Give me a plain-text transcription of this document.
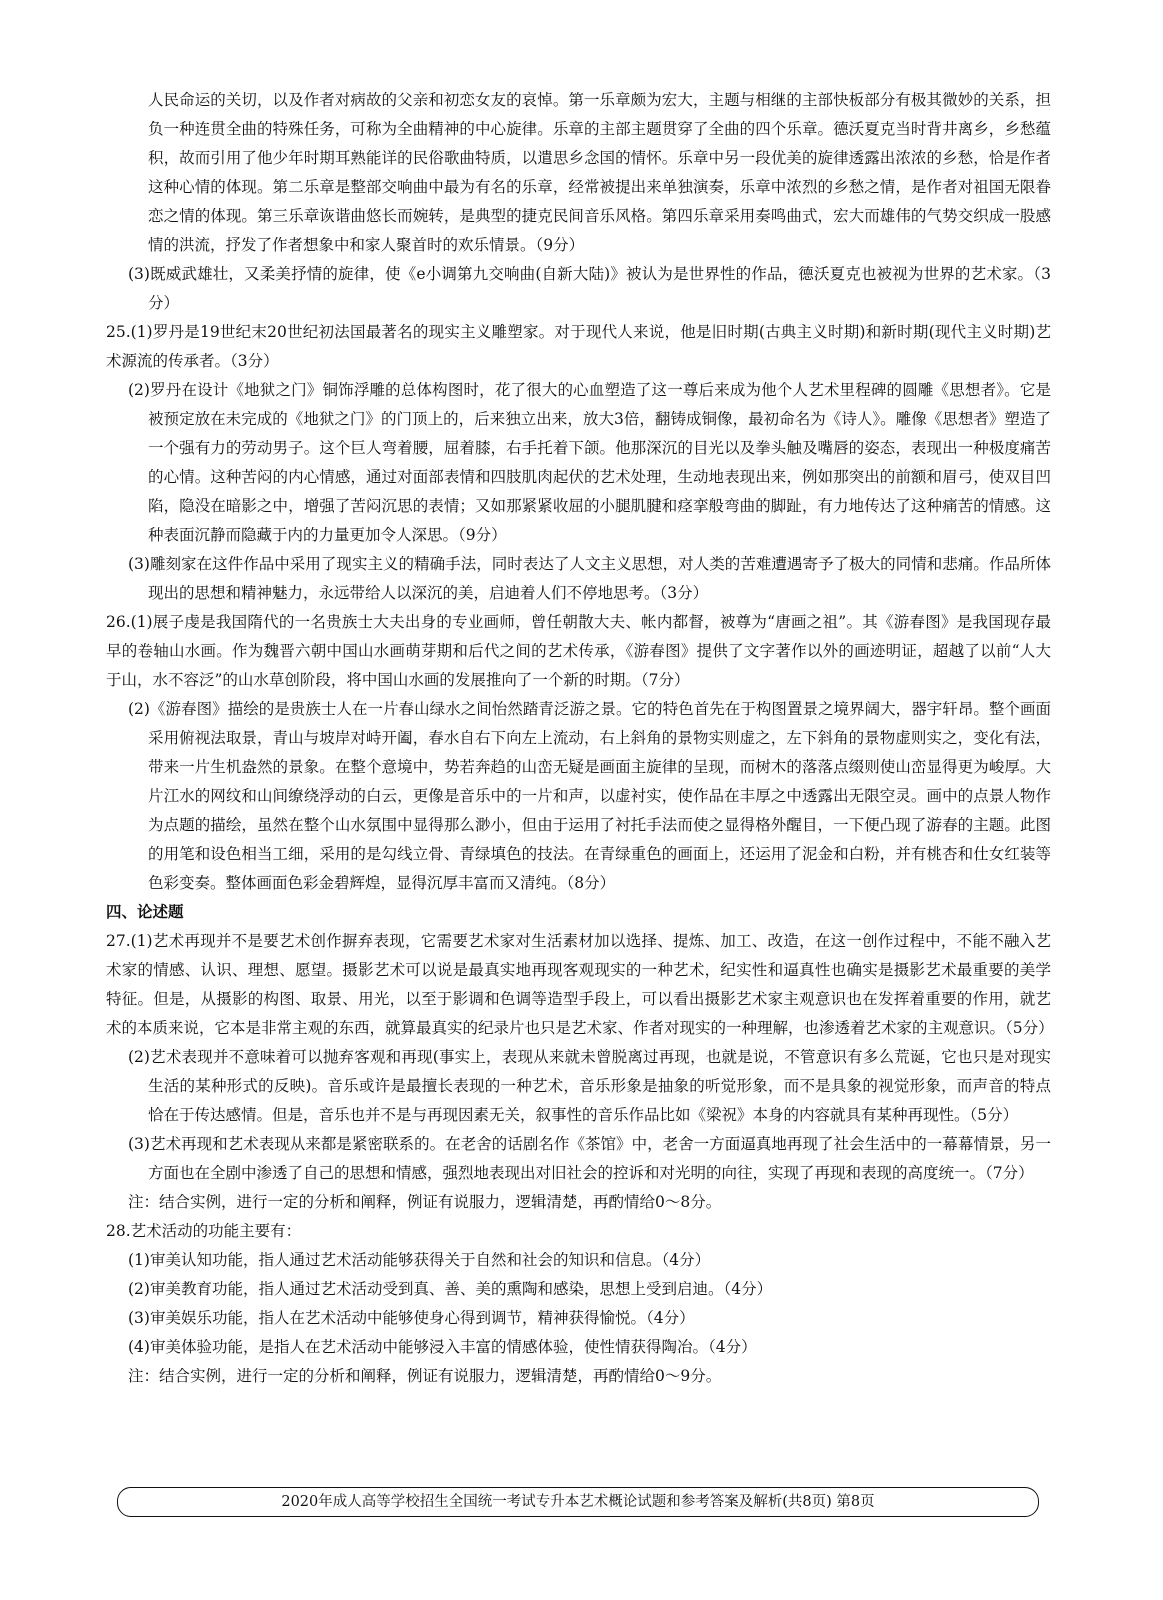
人民命运的关切，以及作者对病故的父亲和初恋女友的哀悼。第一乐章颇为宏大，主题与相继的主部快板部分有极其微妙的关系，担负一种连贯全曲的特殊任务，可称为全曲精神的中心旋律。乐章的主部主题贯穿了全曲的四个乐章。德沃夏克当时背井离乡，乡愁蕴积，故而引用了他少年时期耳熟能详的民俗歌曲特质，以遣思乡念国的情怀。乐章中另一段优美的旋律透露出浓浓的乡愁，恰是作者这种心情的体现。第二乐章是整部交响曲中最为有名的乐章，经常被提出来单独演奏，乐章中浓烈的乡愁之情，是作者对祖国无限眷恋之情的体现。第三乐章诙谐曲悠长而婉转，是典型的捷克民间音乐风格。第四乐章采用奏鸣曲式，宏大而雄伟的气势交织成一股感情的洪流，抒发了作者想象中和家人聚首时的欢乐情景。（9分）

(3)既威武雄壮，又柔美抒情的旋律，使《e小调第九交响曲(自新大陆)》被认为是世界性的作品，德沃夏克也被视为世界的艺术家。（3分）

25.(1)罗丹是19世纪末20世纪初法国最著名的现实主义雕塑家。对于现代人来说，他是旧时期(古典主义时期)和新时期(现代主义时期)艺术源流的传承者。（3分）

(2)罗丹在设计《地狱之门》铜饰浮雕的总体构图时，花了很大的心血塑造了这一尊后来成为他个人艺术里程碑的圆雕《思想者》。它是被预定放在未完成的《地狱之门》的门顶上的，后来独立出来，放大3倍，翻铸成铜像，最初命名为《诗人》。雕像《思想者》塑造了一个强有力的劳动男子。这个巨人弯着腰，屈着膝，右手托着下颌。他那深沉的目光以及拳头触及嘴唇的姿态，表现出一种极度痛苦的心情。这种苦闷的内心情感，通过对面部表情和四肢肌肉起伏的艺术处理，生动地表现出来，例如那突出的前额和眉弓，使双目凹陷，隐没在暗影之中，增强了苦闷沉思的表情；又如那紧紧收屈的小腿肌腱和痉挛般弯曲的脚趾，有力地传达了这种痛苦的情感。这种表面沉静而隐藏于内的力量更加令人深思。（9分）

(3)雕刻家在这件作品中采用了现实主义的精确手法，同时表达了人文主义思想，对人类的苦难遭遇寄予了极大的同情和悲痛。作品所体现出的思想和精神魅力，永远带给人以深沉的美，启迪着人们不停地思考。（3分）

26.(1)展子虔是我国隋代的一名贵族士大夫出身的专业画师，曾任朝散大夫、帐内都督，被尊为“唐画之祖”。其《游春图》是我国现存最早的卷轴山水画。作为魏晋六朝中国山水画萌芽期和后代之间的艺术传承，《游春图》提供了文字著作以外的画迹明证，超越了以前“人大于山，水不容泛”的山水草创阶段，将中国山水画的发展推向了一个新的时期。（7分）

(2)《游春图》描绘的是贵族士人在一片春山绿水之间怡然踏青泛游之景。它的特色首先在于构图置景之境界阔大，器宇轩昂。整个画面采用俯视法取景，青山与坡岸对峙开阖，春水自右下向左上流动，右上斜角的景物实则虚之，左下斜角的景物虚则实之，变化有法，带来一片生机盎然的景象。在整个意境中，势若奔趋的山峦无疑是画面主旋律的呈现，而树木的落落点缀则使山峦显得更为峻厚。大片江水的网纹和山间缭绕浮动的白云，更像是音乐中的一片和声，以虚衬实，使作品在丰厚之中透露出无限空灵。画中的点景人物作为点题的描绘，虽然在整个山水氛围中显得那么渺小，但由于运用了衬托手法而使之显得格外醒目，一下便凸现了游春的主题。此图的用笔和设色相当工细，采用的是勾线立骨、青绿填色的技法。在青绿重色的画面上，还运用了泥金和白粉，并有桃杏和仕女红装等色彩变奏。整体画面色彩金碧辉煌，显得沉厚丰富而又清纯。（8分）

四、论述题

27.(1)艺术再现并不是要艺术创作摒弃表现，它需要艺术家对生活素材加以选择、提炼、加工、改造，在这一创作过程中，不能不融入艺术家的情感、认识、理想、愿望。摄影艺术可以说是最真实地再现客观现实的一种艺术，纪实性和逼真性也确实是摄影艺术最重要的美学特征。但是，从摄影的构图、取景、用光，以至于影调和色调等造型手段上，可以看出摄影艺术家主观意识也在发挥着重要的作用，就艺术的本质来说，它本是非常主观的东西，就算最真实的纪录片也只是艺术家、作者对现实的一种理解，也渗透着艺术家的主观意识。（5分）

(2)艺术表现并不意味着可以抛弃客观和再现(事实上，表现从来就未曾脱离过再现，也就是说，不管意识有多么荒诞，它也只是对现实生活的某种形式的反映)。音乐或许是最擅长表现的一种艺术，音乐形象是抽象的听觉形象，而不是具象的视觉形象，而声音的特点恰在于传达感情。但是，音乐也并不是与再现因素无关，叙事性的音乐作品比如《梁祝》本身的内容就具有某种再现性。（5分）

(3)艺术再现和艺术表现从来都是紧密联系的。在老舍的话剧名作《茶馆》中，老舍一方面逼真地再现了社会生活中的一幕幕情景，另一方面也在全剧中渗透了自己的思想和情感，强烈地表现出对旧社会的控诉和对光明的向往，实现了再现和表现的高度统一。（7分）

注：结合实例，进行一定的分析和阐释，例证有说服力，逻辑清楚，再酌情给0～8分。

28.艺术活动的功能主要有：

(1)审美认知功能，指人通过艺术活动能够获得关于自然和社会的知识和信息。（4分）

(2)审美教育功能，指人通过艺术活动受到真、善、美的熏陶和感染，思想上受到启迪。（4分）

(3)审美娱乐功能，指人在艺术活动中能够使身心得到调节，精神获得愉悦。（4分）

(4)审美体验功能，是指人在艺术活动中能够浸入丰富的情感体验，使性情获得陶冶。（4分）

注：结合实例，进行一定的分析和阐释，例证有说服力，逻辑清楚，再酌情给0～9分。

2020年成人高等学校招生全国统一考试专升本艺术概论试题和参考答案及解析(共8页) 第8页
